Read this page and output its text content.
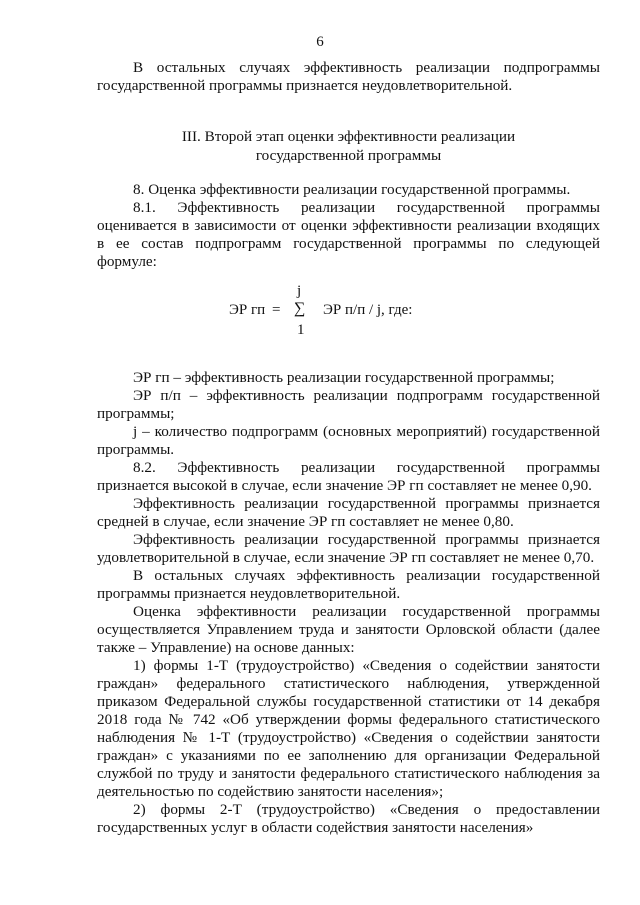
6

В остальных случаях эффективность реализации подпрограммы государственной программы признается неудовлетворительной.

III. Второй этап оценки эффективности реализации
государственной программы

8. Оценка эффективности реализации государственной программы.

8.1. Эффективность реализации государственной программы оценивается в зависимости от оценки эффективности реализации входящих в ее состав подпрограмм государственной программы по следующей формуле:

ЭР гп =
j
∑
1
ЭР п/п / j, где:

ЭР гп – эффективность реализации государственной программы;

ЭР п/п – эффективность реализации подпрограмм государственной программы;

j – количество подпрограмм (основных мероприятий) государственной программы.

8.2. Эффективность реализации государственной программы признается высокой в случае, если значение ЭР гп составляет не менее 0,90.

Эффективность реализации государственной программы признается средней в случае, если значение ЭР гп составляет не менее 0,80.

Эффективность реализации государственной программы признается удовлетворительной в случае, если значение ЭР гп составляет не менее 0,70.

В остальных случаях эффективность реализации государственной программы признается неудовлетворительной.

Оценка эффективности реализации государственной программы осуществляется Управлением труда и занятости Орловской области (далее также – Управление) на основе данных:

1) формы 1-Т (трудоустройство) «Сведения о содействии занятости граждан» федерального статистического наблюдения, утвержденной приказом Федеральной службы государственной статистики от 14 декабря 2018 года № 742 «Об утверждении формы федерального статистического наблюдения № 1-Т (трудоустройство) «Сведения о содействии занятости граждан» с указаниями по ее заполнению для организации Федеральной службой по труду и занятости федерального статистического наблюдения за деятельностью по содействию занятости населения»;

2) формы 2-Т (трудоустройство) «Сведения о предоставлении государственных услуг в области содействия занятости населения»
